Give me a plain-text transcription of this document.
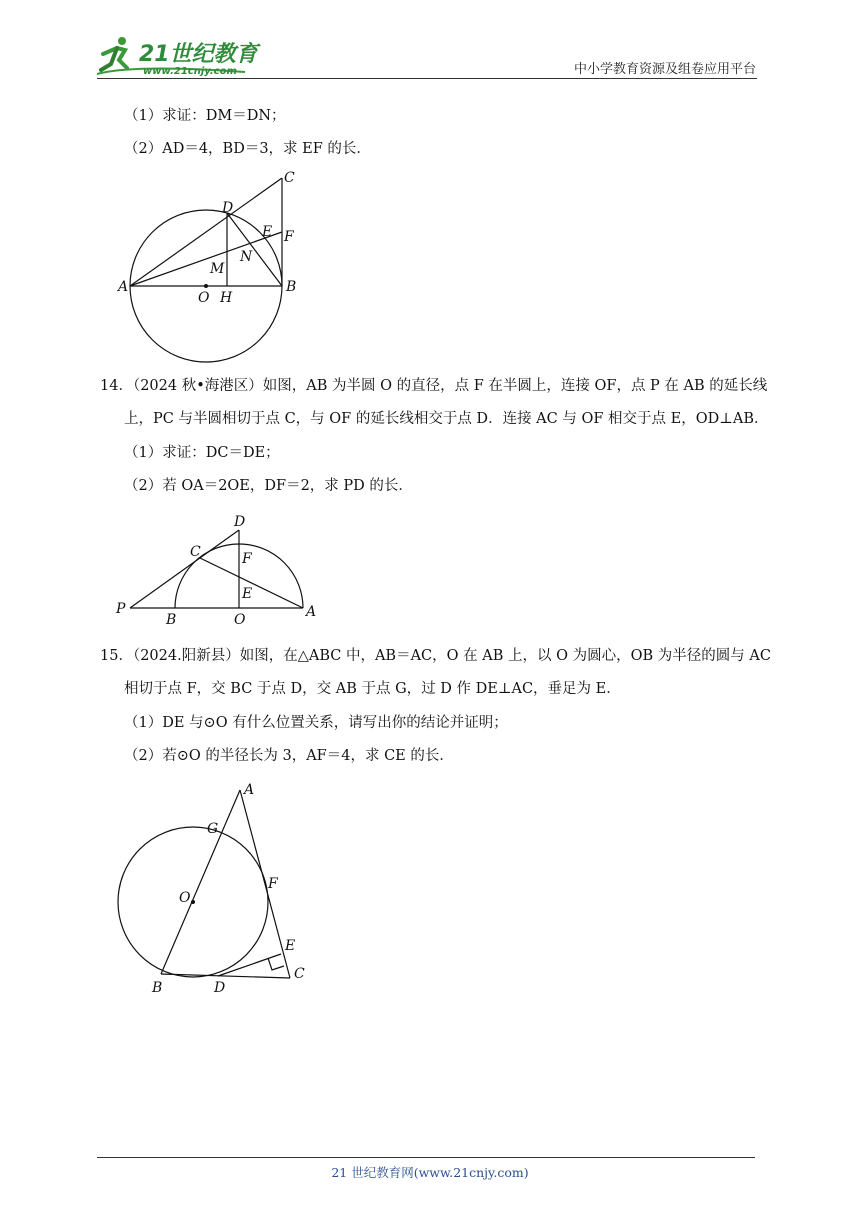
21世纪教育
www.21cnjy.com	中小学教育资源及组卷应用平台
（1）求证：DM＝DN；
（2）AD＝4，BD＝3，求 EF 的长．
A	B
C
D
E F
M
N
O H
14．（2024 秋•海港区）如图，AB 为半圆 O 的直径，点 F 在半圆上，连接 OF，点 P 在 AB 的延长线
上，PC 与半圆相切于点 C，与 OF 的延长线相交于点 D．连接 AC 与 OF 相交于点 E，OD⊥AB．
（1）求证：DC＝DE；
（2）若 OA＝2OE，DF＝2，求 PD 的长．
D
C	F
E
P
B	O	A
15．（2024.阳新县）如图，在△ABC 中，AB＝AC，O 在 AB 上，以 O 为圆心，OB 为半径的圆与 AC
相切于点 F，交 BC 于点 D，交 AB 于点 G，过 D 作 DE⊥AC，垂足为 E．
（1）DE 与⊙O 有什么位置关系，请写出你的结论并证明；
（2）若⊙O 的半径长为 3，AF＝4，求 CE 的长．
A
G
O
F
E
B	D
C
21 世纪教育网(www.21cnjy.com)
